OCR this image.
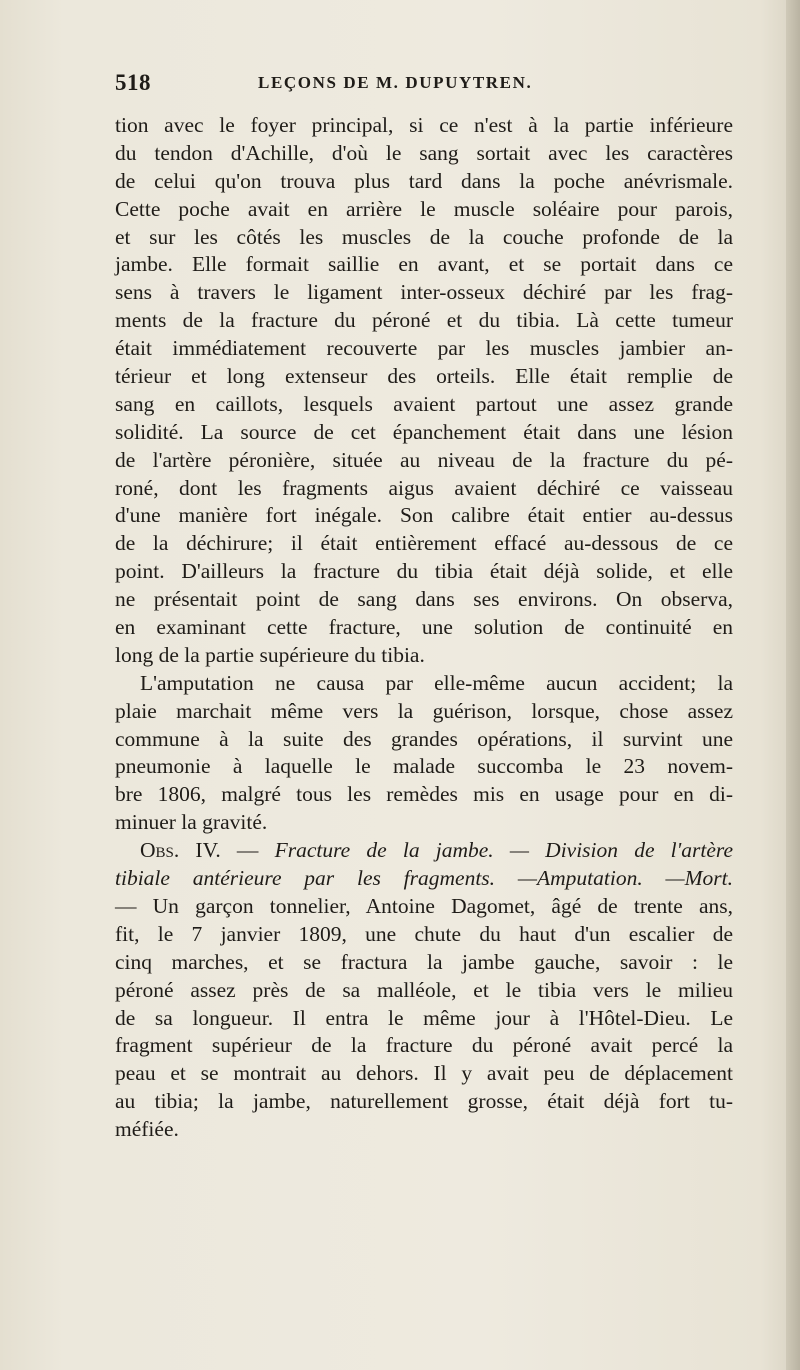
518	LEÇONS DE M. DUPUYTREN.
tion avec le foyer principal, si ce n'est à la partie inférieure
du tendon d'Achille, d'où le sang sortait avec les caractères
de celui qu'on trouva plus tard dans la poche anévrismale.
Cette poche avait en arrière le muscle soléaire pour parois,
et sur les côtés les muscles de la couche profonde de la
jambe. Elle formait saillie en avant, et se portait dans ce
sens à travers le ligament inter-osseux déchiré par les frag-
ments de la fracture du péroné et du tibia. Là cette tumeur
était immédiatement recouverte par les muscles jambier an-
térieur et long extenseur des orteils. Elle était remplie de
sang en caillots, lesquels avaient partout une assez grande
solidité. La source de cet épanchement était dans une lésion
de l'artère péronière, située au niveau de la fracture du pé-
roné, dont les fragments aigus avaient déchiré ce vaisseau
d'une manière fort inégale. Son calibre était entier au-dessus
de la déchirure; il était entièrement effacé au-dessous de ce
point. D'ailleurs la fracture du tibia était déjà solide, et elle
ne présentait point de sang dans ses environs. On observa,
en examinant cette fracture, une solution de continuité en
long de la partie supérieure du tibia.
L'amputation ne causa par elle-même aucun accident; la
plaie marchait même vers la guérison, lorsque, chose assez
commune à la suite des grandes opérations, il survint une
pneumonie à laquelle le malade succomba le 23 novem-
bre 1806, malgré tous les remèdes mis en usage pour en di-
minuer la gravité.
Obs. IV. — Fracture de la jambe. — Division de l'artère
tibiale antérieure par les fragments. —Amputation. —Mort.
— Un garçon tonnelier, Antoine Dagomet, âgé de trente ans,
fit, le 7 janvier 1809, une chute du haut d'un escalier de
cinq marches, et se fractura la jambe gauche, savoir : le
péroné assez près de sa malléole, et le tibia vers le milieu
de sa longueur. Il entra le même jour à l'Hôtel-Dieu. Le
fragment supérieur de la fracture du péroné avait percé la
peau et se montrait au dehors. Il y avait peu de déplacement
au tibia; la jambe, naturellement grosse, était déjà fort tu-
méfiée.
